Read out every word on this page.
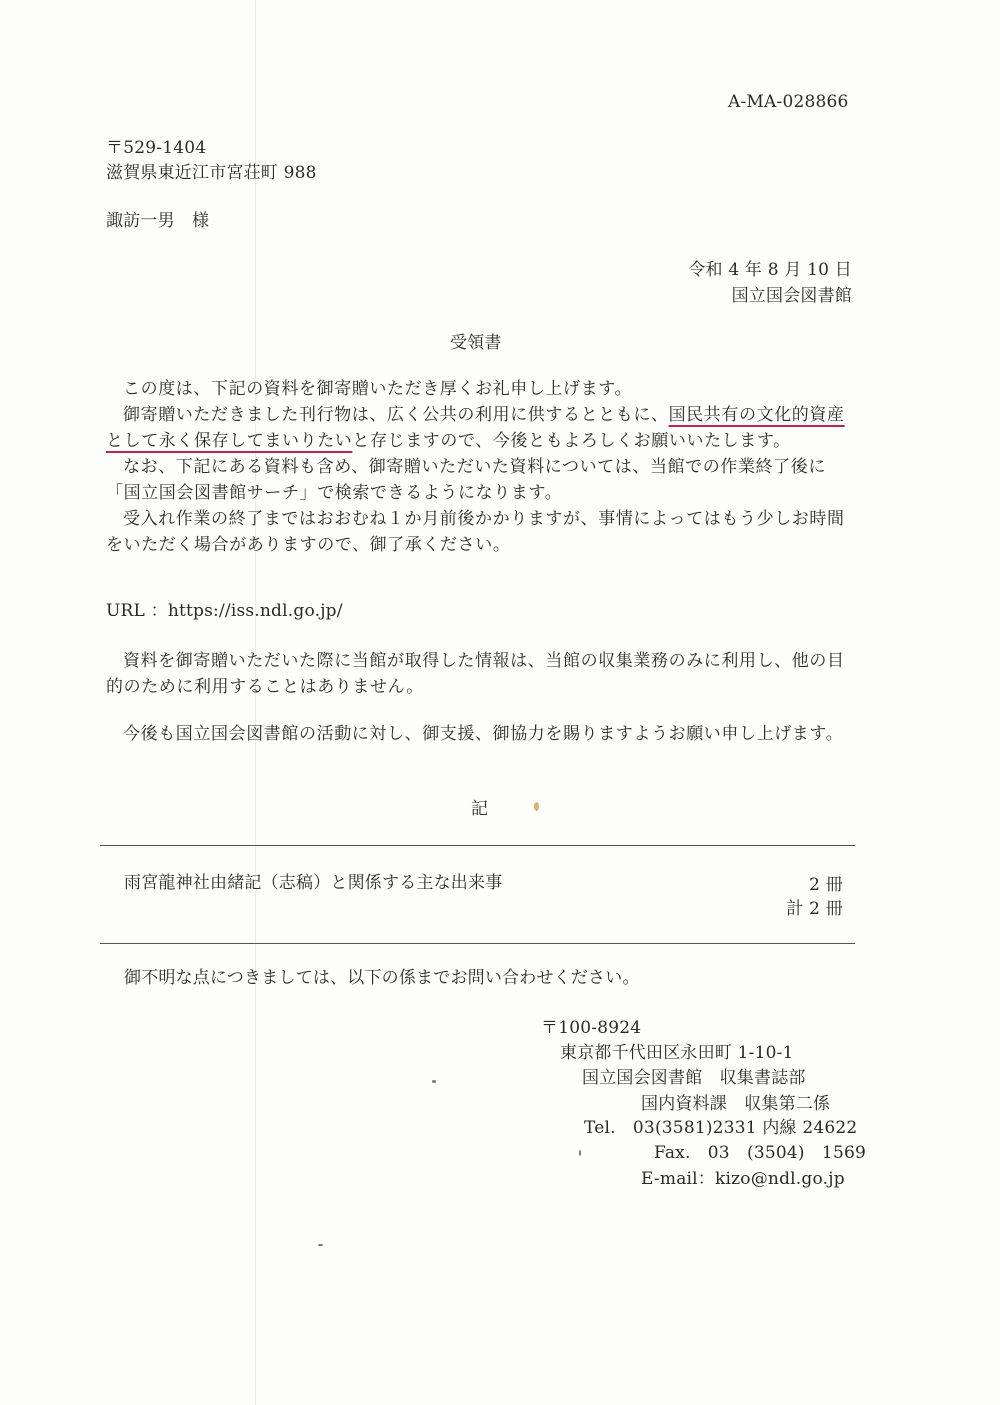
A-MA-028866
〒529-1404
滋賀県東近江市宮荘町 988
諏訪一男　様
令和 4 年 8 月 10 日
国立国会図書館
受領書

この度は、下記の資料を御寄贈いただき厚くお礼申し上げます。

御寄贈いただきました刊行物は、広く公共の利用に供するとともに、国民共有の文化的資産として永く保存してまいりたいと存じますので、今後ともよろしくお願いいたします。

なお、下記にある資料も含め、御寄贈いただいた資料については、当館での作業終了後に「国立国会図書館サーチ」で検索できるようになります。

受入れ作業の終了まではおおむね１か月前後かかりますが、事情によってはもう少しお時間をいただく場合がありますので、御了承ください。

URL ：https://iss.ndl.go.jp/

資料を御寄贈いただいた際に当館が取得した情報は、当館の収集業務のみに利用し、他の目的のために利用することはありません。

今後も国立国会図書館の活動に対し、御支援、御協力を賜りますようお願い申し上げます。

記
雨宮龍神社由緒記（志稿）と関係する主な出来事	2 冊
計 2 冊
御不明な点につきましては、以下の係までお問い合わせください。
〒100-8924
東京都千代田区永田町 1-10-1
国立国会図書館　収集書誌部
国内資料課　収集第二係
Tel.　03(3581)2331 内線 24622
Fax.　03　(3504)　1569
E-mail：kizo@ndl.go.jp
